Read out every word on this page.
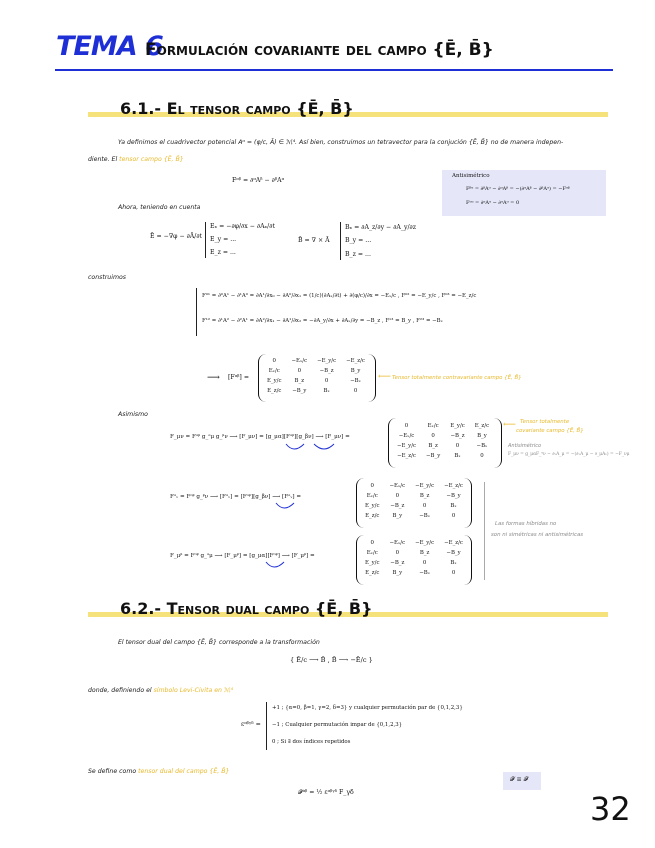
TEMA 6
Formulación covariante del campo {Ē, B̄}
6.1.- El tensor campo {Ē, B̄}
Ya definimos el cuadrivector potencial Aᵅ = (φ/c, Ā) ∈ ℳ⁴. Así bien, construimos un tetravector para la conjución {Ē, B̄} no de manera indepen-
diente. El tensor campo {Ē, B̄}
Fᵅᵝ = ∂ᵅAᵝ − ∂ᵝAᵅ
Antisimétrico
Fᵝᵅ = ∂ᵝAᵅ − ∂ᵅAᵝ = −(∂ᵅAᵝ − ∂ᵝAᵅ) = −Fᵅᵝ
Fᵅᵅ = ∂ᵅAᵅ − ∂ᵅAᵅ = 0
Ahora, teniendo en cuenta
Ē = −∇φ − ∂Ā/∂t
Eₓ = −∂φ/∂x − ∂Aₓ/∂t
E_y = ...
E_z = ...
B̄ = ∇ × Ā
Bₓ = ∂A_z/∂y − ∂A_y/∂z
B_y = ...
B_z = ...
construimos
F⁰¹ = ∂⁰A¹ − ∂¹A⁰ = ∂A¹/∂x₀ − ∂A⁰/∂x₁ = (1/c)(∂Aₓ/∂t) + ∂(φ/c)/∂x = −Eₓ/c , F⁰² = −E_y/c , F⁰³ = −E_z/c
F¹² = ∂¹A² − ∂²A¹ = ∂A²/∂x₁ − ∂A¹/∂x₂ = −∂A_y/∂x + ∂Aₓ/∂y = −B_z , F¹³ = B_y , F²³ = −Bₓ
⟶ [Fᵅᵝ] =
0	−Eₓ/c	−E_y/c	−E_z/c
Eₓ/c	0	−B_z	B_y
E_y/c	B_z	0	−Bₓ
E_z/c	−B_y	Bₓ	0
⟵ Tensor totalmente contravariante campo {Ē, B̄}
Asimismo
F_μν = Fᵅᵝ g_ᵅμ g_ᵝν ⟶ [F_μν] = [g_μα][Fᵅᵝ][g_βν] ⟶ [F_μν] =
0	Eₓ/c	E_y/c	E_z/c
−Eₓ/c	0	−B_z	B_y
−E_y/c	B_z	0	−Bₓ
−E_z/c	−B_y	Bₓ	0
⟵ Tensor totalmente
covariante campo {Ē, B̄}
Antisimétrico
F_μν = g_μαF_ᵅν − ∂ᵥA_μ = −(∂ᵥA_μ − ∂_μAᵥ) = −F_νμ
Fᵅᵥ = Fᵅᵝ g_ᵝν ⟶ [Fᵅᵥ] = [Fᵅᵝ][g_βν] ⟶ [Fᵅᵥ] =
0	−Eₓ/c	−E_y/c	−E_z/c
Eₓ/c	0	B_z	−B_y
E_y/c	−B_z	0	Bₓ
E_z/c	B_y	−Bₓ	0
Las formas híbridas no
son ni simétricas ni antisimétricas
F_μᵝ = Fᵅᵝ g_ᵅμ ⟶ [F_μᵝ] = [g_μα][Fᵅᵝ] ⟶ [F_μᵝ] =
0	−Eₓ/c	−E_y/c	−E_z/c
Eₓ/c	0	B_z	−B_y
E_y/c	−B_z	0	Bₓ
E_z/c	B_y	−Bₓ	0
6.2.- Tensor dual campo {Ē, B̄}
El tensor dual del campo {Ē, B̄} corresponde a la transformación
{ Ē/c ⟶ B̄ , B̄ ⟶ −Ē/c }
donde, definiendo el símbolo Levi-Civita en ℳ⁴
εᵅᵝᵞᵟ =
+1 ; {α=0, β=1, γ=2, δ=3} y cualquier permutación par de {0,1,2,3}
−1 ; Cualquier permutación impar de {0,1,2,3}
0 ; Si ∃ dos índices repetidos
Se define como tensor dual del campo {Ē, B̄}
𝓕 ≡ 𝓕
𝓕ᵅᵝ = ½ εᵅᵝᵞᵟ F_γδ	32
